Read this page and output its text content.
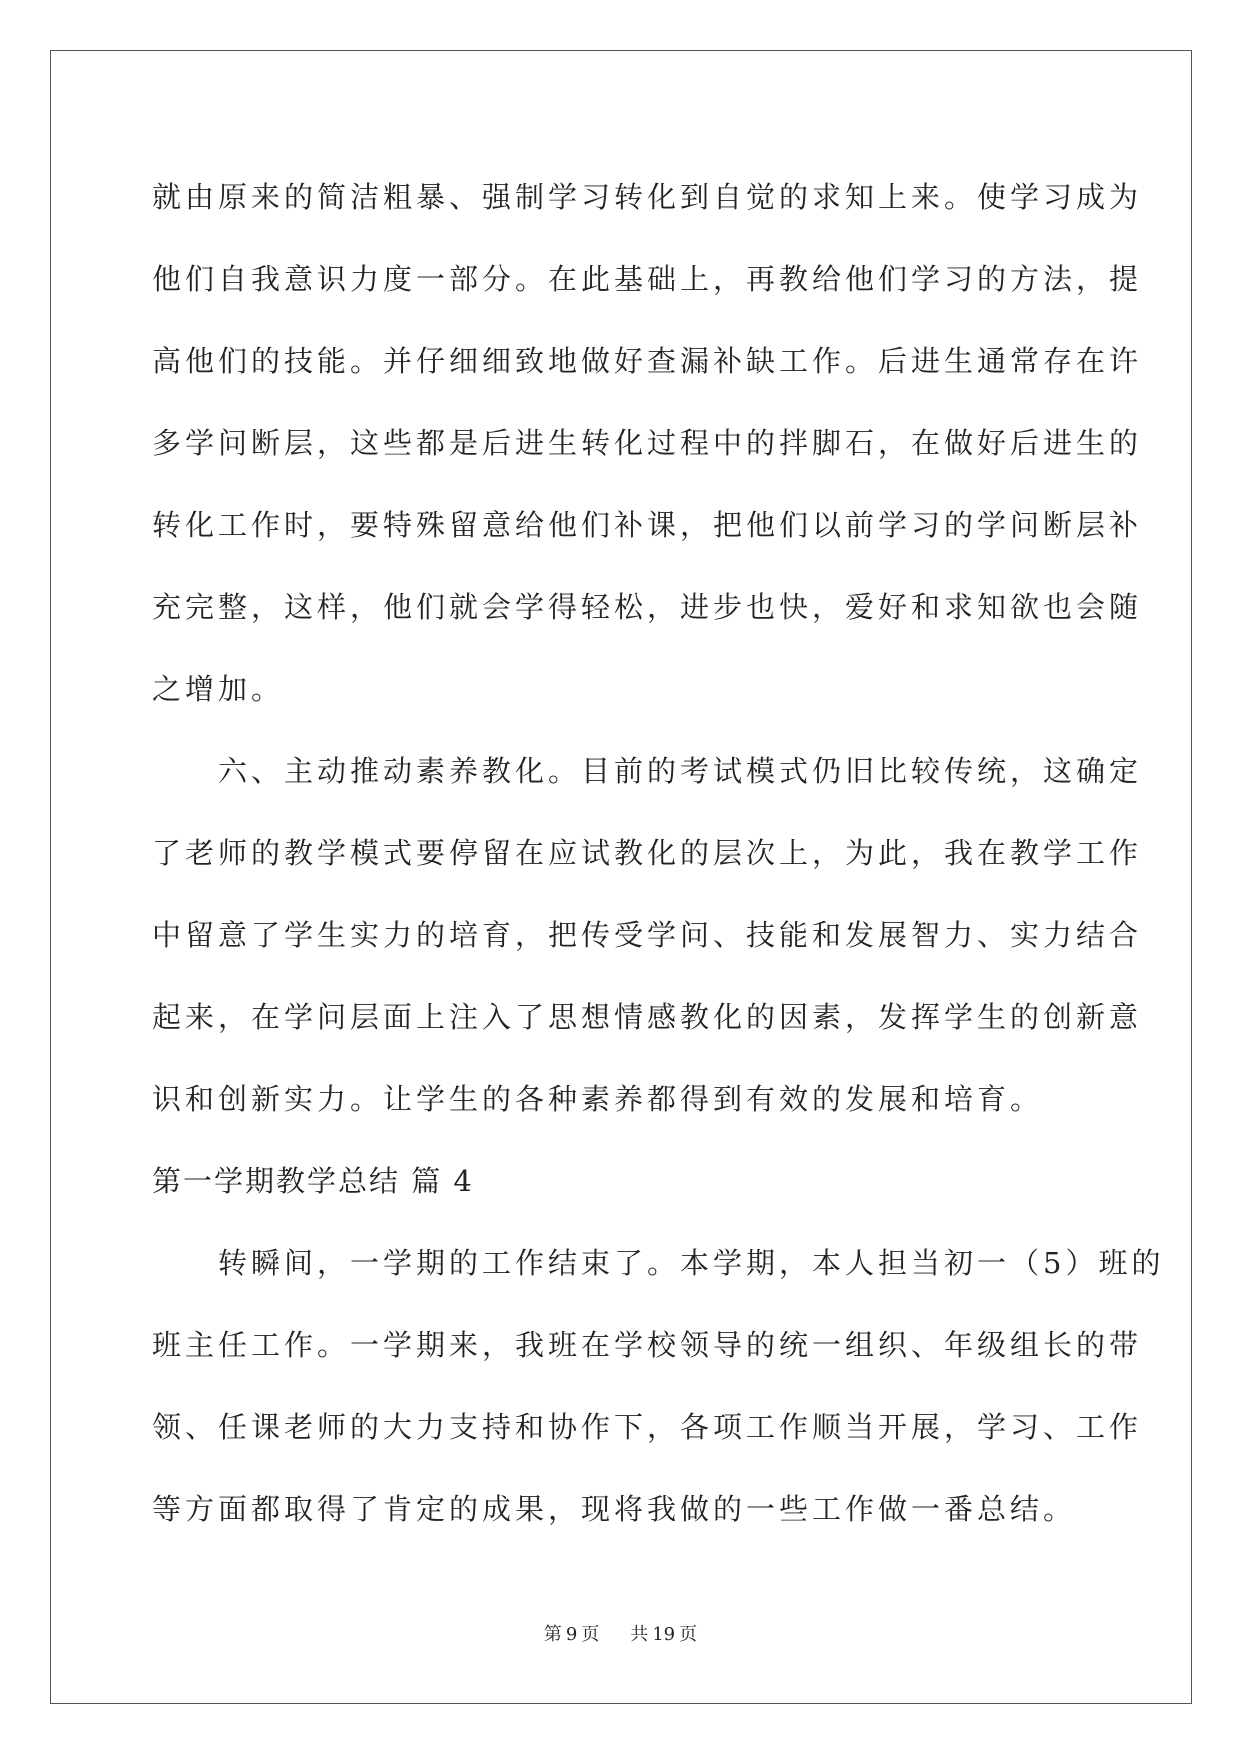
就由原来的简洁粗暴、强制学习转化到自觉的求知上来。使学习成为
他们自我意识力度一部分。在此基础上，再教给他们学习的方法，提
高他们的技能。并仔细细致地做好查漏补缺工作。后进生通常存在许
多学问断层，这些都是后进生转化过程中的拌脚石，在做好后进生的
转化工作时，要特殊留意给他们补课，把他们以前学习的学问断层补
充完整，这样，他们就会学得轻松，进步也快，爱好和求知欲也会随
之增加。
　　六、主动推动素养教化。目前的考试模式仍旧比较传统，这确定
了老师的教学模式要停留在应试教化的层次上，为此，我在教学工作
中留意了学生实力的培育，把传受学问、技能和发展智力、实力结合
起来，在学问层面上注入了思想情感教化的因素，发挥学生的创新意
识和创新实力。让学生的各种素养都得到有效的发展和培育。
第一学期教学总结 篇 4
　　转瞬间，一学期的工作结束了。本学期，本人担当初一（5）班的
班主任工作。一学期来，我班在学校领导的统一组织、年级组长的带
领、任课老师的大力支持和协作下，各项工作顺当开展，学习、工作
等方面都取得了肯定的成果，现将我做的一些工作做一番总结。
第 9 页 共 19 页
